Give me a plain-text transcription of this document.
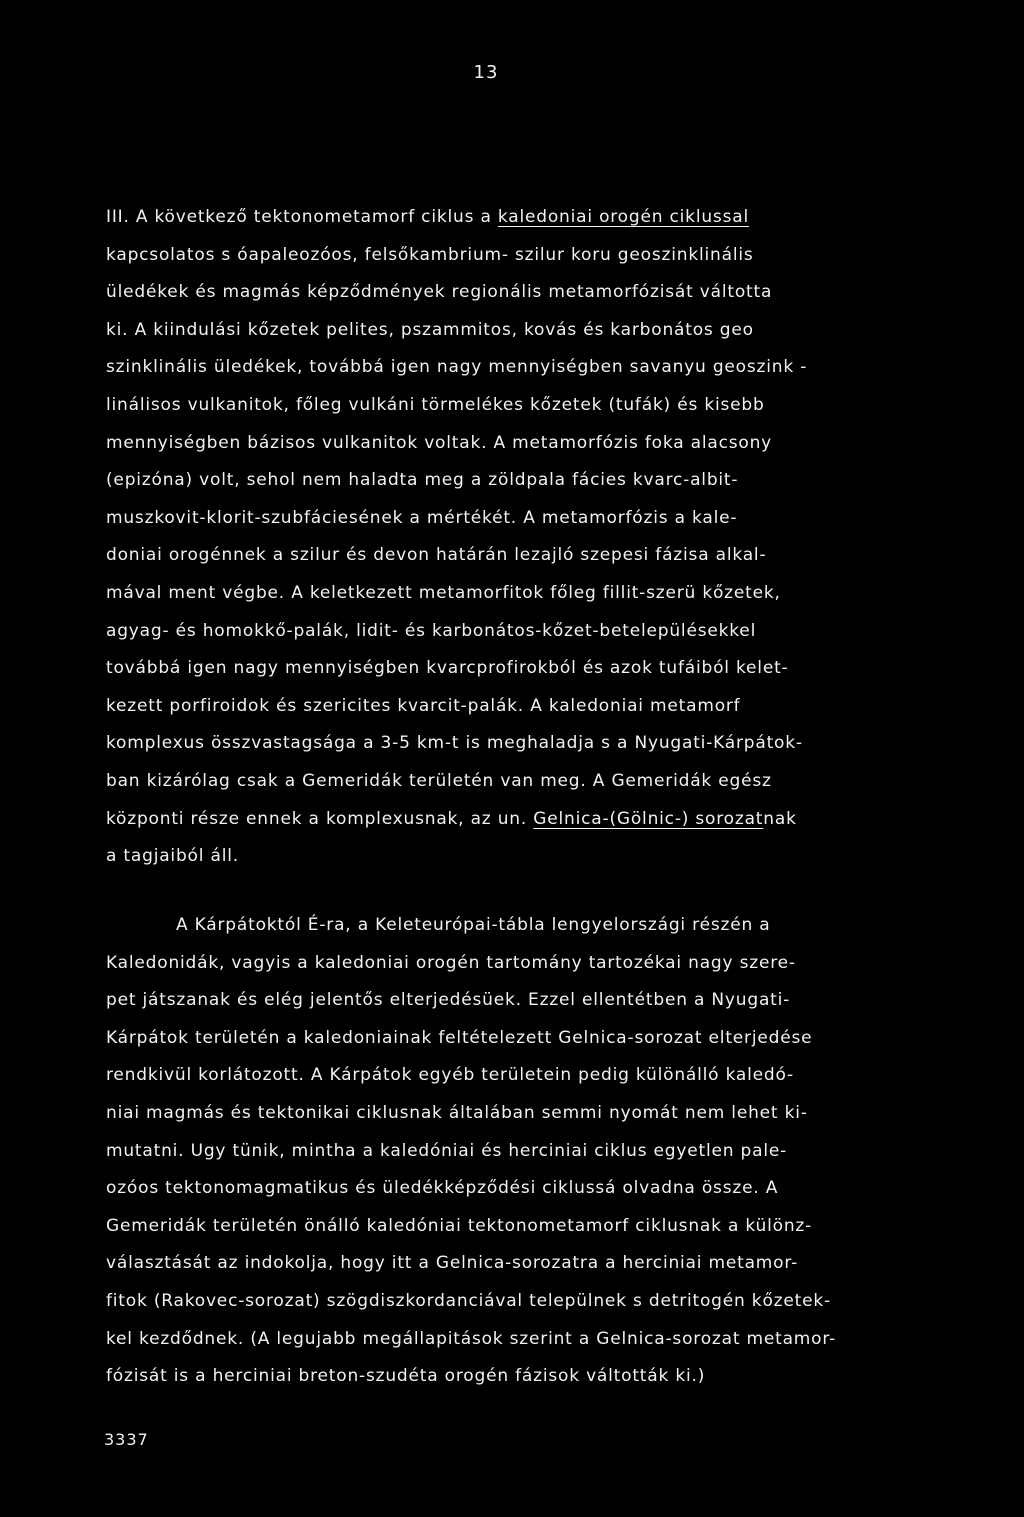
13
III. A következő tektonometamorf ciklus a kaledoniai orogén ciklussal
kapcsolatos s óapaleozóos, felsőkambrium- szilur koru geoszinklinális
üledékek és magmás képződmények regionális metamorfózisát váltotta
ki. A kiindulási kőzetek pelites, pszammitos, kovás és karbonátos geo
szinklinális üledékek, továbbá igen nagy mennyiségben savanyu geoszink -
linálisos vulkanitok, főleg vulkáni törmelékes kőzetek (tufák) és kisebb
mennyiségben bázisos vulkanitok voltak. A metamorfózis foka alacsony
(epizóna) volt, sehol nem haladta meg a zöldpala fácies kvarc-albit-
muszkovit-klorit-szubfáciesének a mértékét. A metamorfózis a kale-
doniai orogénnek a szilur és devon határán lezajló szepesi fázisa alkal-
mával ment végbe. A keletkezett metamorfitok főleg fillit-szerü kőzetek,
agyag- és homokkő-palák, lidit- és karbonátos-kőzet-betelepülésekkel
továbbá igen nagy mennyiségben kvarcprofirokból és azok tufáiból kelet-
kezett porfiroidok és szericites kvarcit-palák. A kaledoniai metamorf
komplexus összvastagsága a 3-5 km-t is meghaladja s a Nyugati-Kárpátok-
ban kizárólag csak a Gemeridák területén van meg. A Gemeridák egész
központi része ennek a komplexusnak, az un. Gelnica-(Gölnic-) sorozatnak
a tagjaiból áll.
A Kárpátoktól É-ra, a Keleteurópai-tábla lengyelországi részén a
Kaledonidák, vagyis a kaledoniai orogén tartomány tartozékai nagy szere-
pet játszanak és elég jelentős elterjedésüek. Ezzel ellentétben a Nyugati-
Kárpátok területén a kaledoniainak feltételezett Gelnica-sorozat elterjedése
rendkivül korlátozott. A Kárpátok egyéb területein pedig különálló kaledó-
niai magmás és tektonikai ciklusnak általában semmi nyomát nem lehet ki-
mutatni. Ugy tünik, mintha a kaledóniai és herciniai ciklus egyetlen pale-
ozóos tektonomagmatikus és üledékképződési ciklussá olvadna össze. A
Gemeridák területén önálló kaledóniai tektonometamorf ciklusnak a különz-
választását az indokolja, hogy itt a Gelnica-sorozatra a herciniai metamor-
fitok (Rakovec-sorozat) szögdiszkordanciával települnek s detritogén kőzetek-
kel kezdődnek. (A legujabb megállapitások szerint a Gelnica-sorozat metamor-
fózisát is a herciniai breton-szudéta orogén fázisok váltották ki.)
3337
